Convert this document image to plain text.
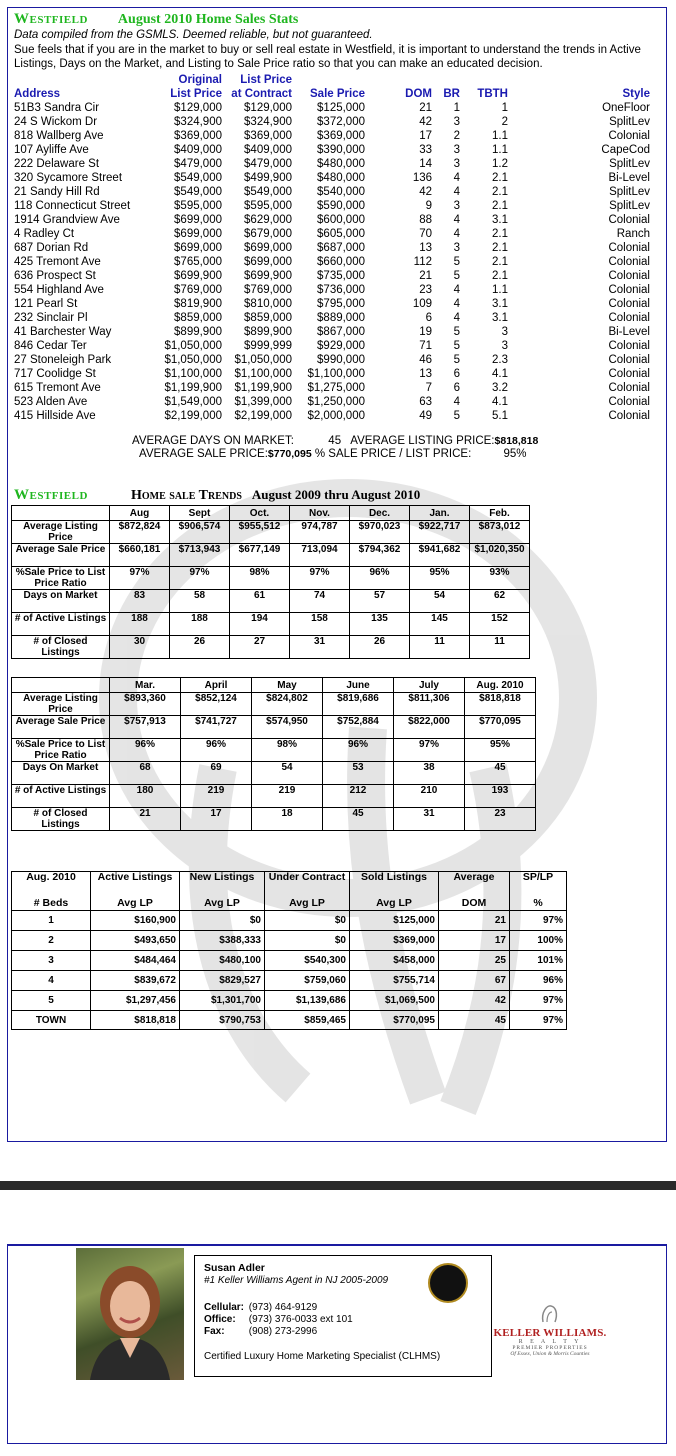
Westfield August 2010 Home Sales Stats
Data compiled from the GSMLS. Deemed reliable, but not guaranteed.
Sue feels that if you are in the market to buy or sell real estate in Westfield, it is important to understand the trends in Active Listings, Days on the Market, and Listing to Sale Price ratio so that you can make an educated decision.
Original List Price
Address	List Price at Contract Sale Price	DOM BR TBTH	Style
51B3 Sandra Cir	$129,000 $129,000 $125,000	21 1	1	OneFloor
24 S Wickom Dr	$324,900 $324,900 $372,000	42 3	2	SplitLev
818 Wallberg Ave	$369,000 $369,000 $369,000	17 2	1.1	Colonial
107 Ayliffe Ave	$409,000 $409,000 $390,000	33 3	1.1	CapeCod
222 Delaware St	$479,000 $479,000 $480,000	14 3	1.2	SplitLev
320 Sycamore Street	$549,000 $499,900 $480,000	136 4	2.1	Bi-Level
21 Sandy Hill Rd	$549,000 $549,000 $540,000	42 4	2.1	SplitLev
118 Connecticut Street	$595,000 $595,000 $590,000	9 3	2.1	SplitLev
1914 Grandview Ave	$699,000 $629,000 $600,000	88 4	3.1	Colonial
4 Radley Ct	$699,000 $679,000 $605,000	70 4	2.1	Ranch
687 Dorian Rd	$699,000 $699,000 $687,000	13 3	2.1	Colonial
425 Tremont Ave	$765,000 $699,000 $660,000	112 5	2.1	Colonial
636 Prospect St	$699,900 $699,900 $735,000	21 5	2.1	Colonial
554 Highland Ave	$769,000 $769,000 $736,000	23 4	1.1	Colonial
121 Pearl St	$819,900 $810,000 $795,000	109 4	3.1	Colonial
232 Sinclair Pl	$859,000 $859,000 $889,000	6 4	3.1	Colonial
41 Barchester Way	$899,900 $899,900 $867,000	19 5	3	Bi-Level
846 Cedar Ter	$1,050,000 $999,999 $929,000	71 5	3	Colonial
27 Stoneleigh Park	$1,050,000 $1,050,000 $990,000	46 5	2.3	Colonial
717 Coolidge St	$1,100,000 $1,100,000 $1,100,000	13 6	4.1	Colonial
615 Tremont Ave	$1,199,900 $1,199,900 $1,275,000	7 6	3.2	Colonial
523 Alden Ave	$1,549,000 $1,399,000 $1,250,000	63 4	4.1	Colonial
415 Hillside Ave	$2,199,000 $2,199,000 $2,000,000	49 5	5.1	Colonial
AVERAGE DAYS ON MARKET:	45 AVERAGE LISTING PRICE:$818,818
AVERAGE SALE PRICE:$770,095 % SALE PRICE / LIST PRICE:	95%
Westfield	Home sale Trends August 2009 thru August 2010
	Aug	Sept	Oct.	Nov.	Dec.	Jan.	Feb.
Average Listing Price	$872,824	$906,574	$955,512	974,787	$970,023	$922,717	$873,012
Average Sale Price	$660,181	$713,943	$677,149	713,094	$794,362	$941,682	$1,020,350
%Sale Price to List Price Ratio	97%	97%	98%	97%	96%	95%	93%
Days on Market	83	58	61	74	57	54	62
# of Active Listings	188	188	194	158	135	145	152
# of Closed Listings	30	26	27	31	26	11	11
	Mar.	April	May	June	July	Aug. 2010
Average Listing Price	$893,360	$852,124	$824,802	$819,686	$811,306	$818,818
Average Sale Price	$757,913	$741,727	$574,950	$752,884	$822,000	$770,095
%Sale Price to List Price Ratio	96%	96%	98%	96%	97%	95%
Days On Market	68	69	54	53	38	45
# of Active Listings	180	219	219	212	210	193
# of Closed Listings	21	17	18	45	31	23
Aug. 2010	Active Listings	New Listings	Under Contract	Sold Listings	Average	SP/LP
# Beds	Avg LP	Avg LP	Avg LP	Avg LP	DOM	%
1	$160,900	$0	$0	$125,000	21	97%
2	$493,650	$388,333	$0	$369,000	17	100%
3	$484,464	$480,100	$540,300	$458,000	25	101%
4	$839,672	$829,527	$759,060	$755,714	67	96%
5	$1,297,456	$1,301,700	$1,139,686	$1,069,500	42	97%
TOWN	$818,818	$790,753	$859,465	$770,095	45	97%
Susan Adler
#1 Keller Williams Agent in NJ 2005-2009
Cellular: (973) 464-9129
Office: (973) 376-0033 ext 101
Fax: (908) 273-2996
Certified Luxury Home Marketing Specialist (CLHMS)
KELLER WILLIAMS.
R E A L T Y
PREMIER PROPERTIES
Of Essex, Union & Morris Counties
